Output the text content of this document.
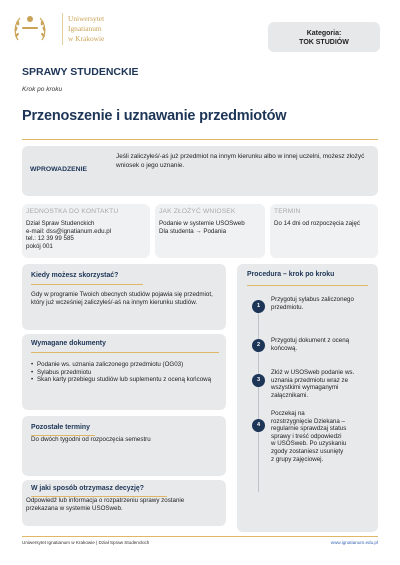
Uniwersytet
Ignatianum
w Krakowie
Kategoria:
TOK STUDIÓW
SPRAWY STUDENCKIE
Krok po kroku
Przenoszenie i uznawanie przedmiotów
WPROWADZENIE
Jeśli zaliczyłeś/-aś już przedmiot na innym kierunku albo w innej uczelni, możesz złożyć wniosek o jego uznanie.
JEDNOSTKA DO KONTAKTU
Dział Spraw Studenckich
e-mail: dss@ignatianum.edu.pl
tel.: 12 39 99 585
pokój 001
JAK ZŁOŻYĆ WNIOSEK
Podanie w systemie USOSweb
Dla studenta → Podania
TERMIN
Do 14 dni od rozpoczęcia zajęć
Kiedy możesz skorzystać?
Gdy w programie Twoich obecnych studiów pojawia się przedmiot, który już wcześniej zaliczyłeś/-aś na innym kierunku studiów.
Wymagane dokumenty
• Podanie ws. uznania zaliczonego przedmiotu (OG03)
• Sylabus przedmiotu
• Skan karty przebiegu studiów lub suplementu z oceną końcową
Pozostałe terminy
Do dwóch tygodni od rozpoczęcia semestru
W jaki sposób otrzymasz decyzję?
Odpowiedź lub informacja o rozpatrzeniu sprawy zostanie przekazana w systemie USOSweb.
Procedura – krok po kroku
1
Przygotuj sylabus zaliczonego przedmiotu.
2
Przygotuj dokument z oceną końcową.
3
Złóż w USOSweb podanie ws. uznania przedmiotu wraz ze wszystkimi wymaganymi załącznikami.
4
Poczekaj na rozstrzygnięcie Dziekana – regularnie sprawdzaj status sprawy i treść odpowiedzi w USOSweb. Po uzyskaniu zgody zostaniesz usunięty z grupy zajęciowej.
Uniwersytet Ignatianum w Krakowie | Dział Spraw Studenckich	www.ignatianum.edu.pl
